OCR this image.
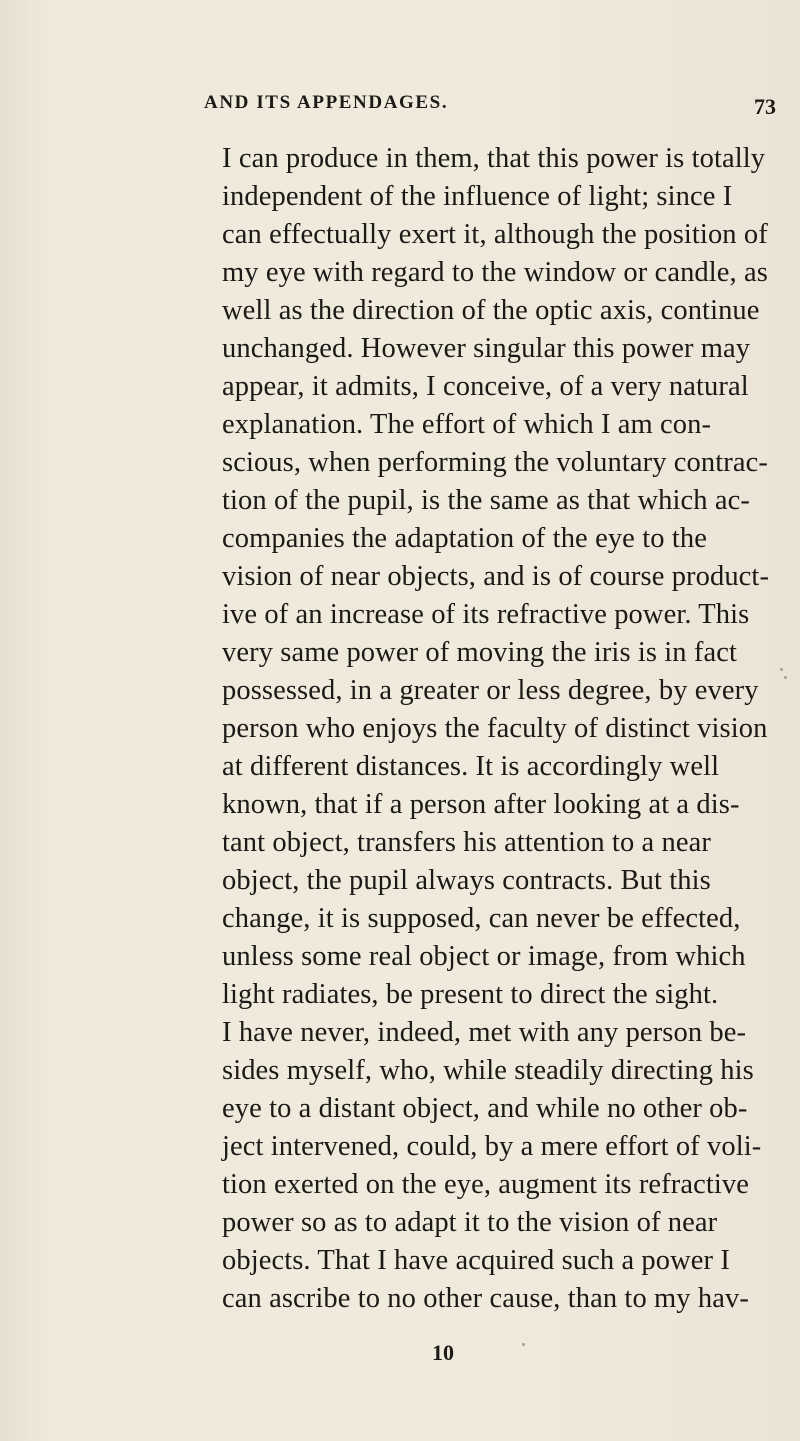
AND ITS APPENDAGES.	73
I can produce in them, that this power is totally
independent of the influence of light; since I
can effectually exert it, although the position of
my eye with regard to the window or candle, as
well as the direction of the optic axis, continue
unchanged. However singular this power may
appear, it admits, I conceive, of a very natural
explanation. The effort of which I am con-
scious, when performing the voluntary contrac-
tion of the pupil, is the same as that which ac-
companies the adaptation of the eye to the
vision of near objects, and is of course product-
ive of an increase of its refractive power. This
very same power of moving the iris is in fact
possessed, in a greater or less degree, by every
person who enjoys the faculty of distinct vision
at different distances. It is accordingly well
known, that if a person after looking at a dis-
tant object, transfers his attention to a near
object, the pupil always contracts. But this
change, it is supposed, can never be effected,
unless some real object or image, from which
light radiates, be present to direct the sight.
I have never, indeed, met with any person be-
sides myself, who, while steadily directing his
eye to a distant object, and while no other ob-
ject intervened, could, by a mere effort of voli-
tion exerted on the eye, augment its refractive
power so as to adapt it to the vision of near
objects. That I have acquired such a power I
can ascribe to no other cause, than to my hav-
10
